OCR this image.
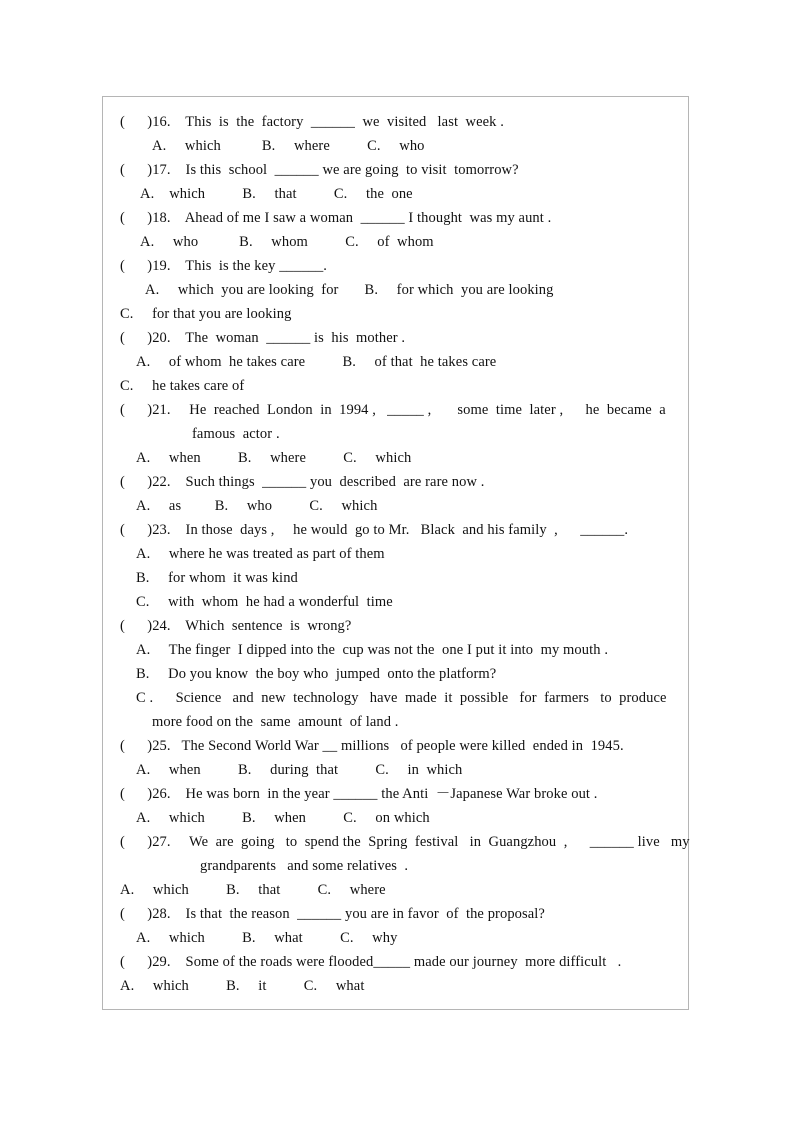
(      )16.    This  is  the  factory  ______  we  visited   last  week .
A.     which           B.     where          C.     who
(      )17.    Is this  school  ______ we are going  to visit  tomorrow?
A.    which          B.     that          C.     the  one
(      )18.    Ahead of me I saw a woman  ______ I thought  was my aunt .
A.     who           B.     whom          C.     of  whom
(      )19.    This  is the key ______.
A.     which  you are looking  for       B.     for which  you are looking
C.     for that you are looking
(      )20.    The  woman  ______ is  his  mother .
A.     of whom  he takes care          B.     of that  he takes care
C.     he takes care of
(      )21.     He  reached  London  in  1994 ,   _____ ,       some  time  later ,      he  became  a
famous  actor .
A.     when          B.     where          C.     which
(      )22.    Such things  ______ you  described  are rare now .
A.     as         B.     who          C.     which
(      )23.    In those  days ,     he would  go to Mr.   Black  and his family  ,      ______.
A.     where he was treated as part of them
B.     for whom  it was kind
C.     with  whom  he had a wonderful  time
(      )24.    Which  sentence  is  wrong?
A.     The finger  I dipped into the  cup was not the  one I put it into  my mouth .
B.     Do you know  the boy who  jumped  onto the platform?
C .      Science   and  new  technology   have  made  it  possible   for  farmers   to  produce
more food on the  same  amount  of land .
(      )25.   The Second World War __ millions   of people were killed  ended in  1945.
A.     when          B.     during  that          C.     in  which
(      )26.    He was born  in the year ______ the Anti  －Japanese War broke out .
A.     which          B.     when          C.     on which
(      )27.     We  are  going   to  spend the  Spring  festival   in  Guangzhou  ,      ______ live   my
grandparents   and some relatives  .
A.     which          B.     that          C.     where
(      )28.    Is that  the reason  ______ you are in favor  of  the proposal?
A.     which          B.     what          C.     why
(      )29.    Some of the roads were flooded_____ made our journey  more difficult   .
A.     which          B.     it          C.     what
